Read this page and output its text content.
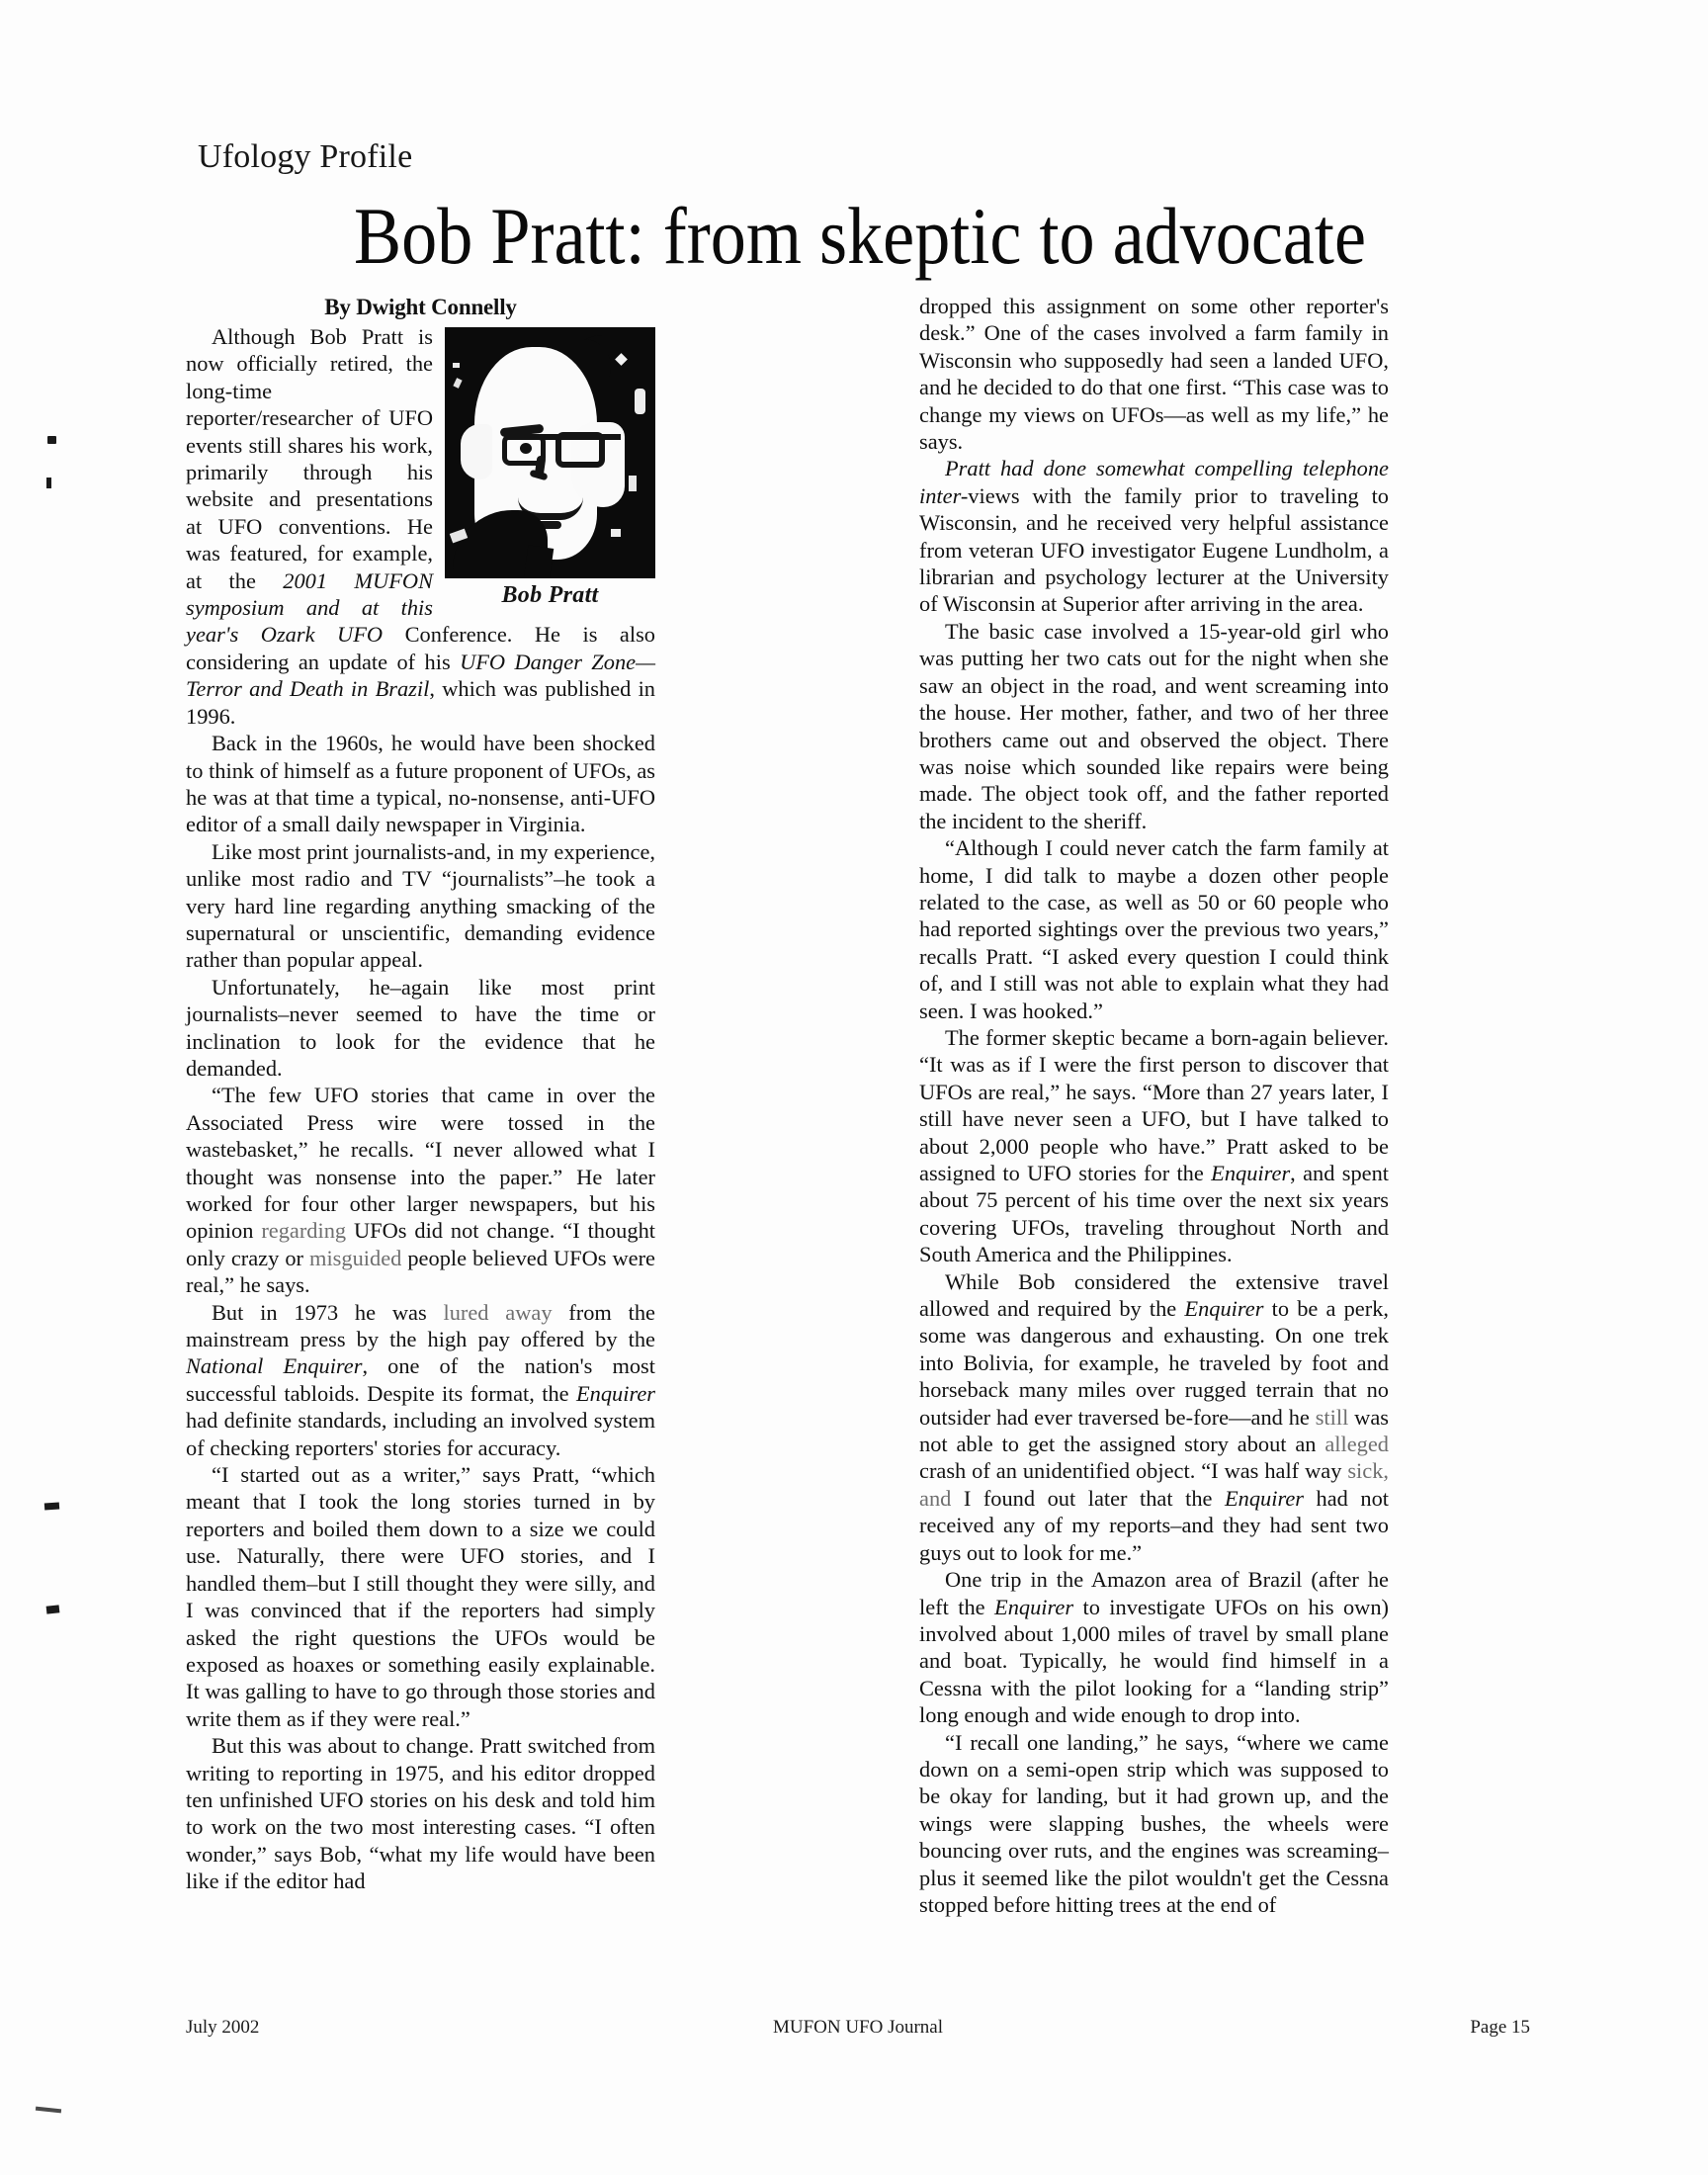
Ufology Profile
Bob Pratt: from skeptic to advocate
By Dwight Connelly
Bob Pratt

Although Bob Pratt is now officially retired, the long-time reporter/researcher of UFO events still shares his work, primarily through his website and presentations at UFO conventions. He was featured, for example, at the 2001 MUFON symposium and at this year's Ozark UFO Conference. He is also considering an update of his UFO Danger Zone—Terror and Death in Brazil, which was published in 1996.

Back in the 1960s, he would have been shocked to think of himself as a future proponent of UFOs, as he was at that time a typical, no-nonsense, anti-UFO editor of a small daily newspaper in Virginia.

Like most print journalists-and, in my experience, unlike most radio and TV “journalists”–he took a very hard line regarding anything smacking of the supernatural or unscientific, demanding evidence rather than popular appeal.

Unfortunately, he–again like most print journalists–never seemed to have the time or inclination to look for the evidence that he demanded.

“The few UFO stories that came in over the Associated Press wire were tossed in the wastebasket,” he recalls. “I never allowed what I thought was nonsense into the paper.” He later worked for four other larger newspapers, but his opinion regarding UFOs did not change. “I thought only crazy or misguided people believed UFOs were real,” he says.

But in 1973 he was lured away from the mainstream press by the high pay offered by the National Enquirer, one of the nation's most successful tabloids. Despite its format, the Enquirer had definite standards, including an involved system of checking reporters' stories for accuracy.

“I started out as a writer,” says Pratt, “which meant that I took the long stories turned in by reporters and boiled them down to a size we could use. Naturally, there were UFO stories, and I handled them–but I still thought they were silly, and I was convinced that if the reporters had simply asked the right questions the UFOs would be exposed as hoaxes or something easily explainable. It was galling to have to go through those stories and write them as if they were real.”

But this was about to change. Pratt switched from writing to reporting in 1975, and his editor dropped ten unfinished UFO stories on his desk and told him to work on the two most interesting cases. “I often wonder,” says Bob, “what my life would have been like if the editor had

dropped this assignment on some other reporter's desk.” One of the cases involved a farm family in Wisconsin who supposedly had seen a landed UFO, and he decided to do that one first. “This case was to change my views on UFOs—as well as my life,” he says.

Pratt had done somewhat compelling telephone inter-views with the family prior to traveling to Wisconsin, and he received very helpful assistance from veteran UFO investigator Eugene Lundholm, a librarian and psychology lecturer at the University of Wisconsin at Superior after arriving in the area.

The basic case involved a 15-year-old girl who was putting her two cats out for the night when she saw an object in the road, and went screaming into the house. Her mother, father, and two of her three brothers came out and observed the object. There was noise which sounded like repairs were being made. The object took off, and the father reported the incident to the sheriff.

“Although I could never catch the farm family at home, I did talk to maybe a dozen other people related to the case, as well as 50 or 60 people who had reported sightings over the previous two years,” recalls Pratt. “I asked every question I could think of, and I still was not able to explain what they had seen. I was hooked.”

The former skeptic became a born-again believer. “It was as if I were the first person to discover that UFOs are real,” he says. “More than 27 years later, I still have never seen a UFO, but I have talked to about 2,000 people who have.” Pratt asked to be assigned to UFO stories for the Enquirer, and spent about 75 percent of his time over the next six years covering UFOs, traveling throughout North and South America and the Philippines.

While Bob considered the extensive travel allowed and required by the Enquirer to be a perk, some was dangerous and exhausting. On one trek into Bolivia, for example, he traveled by foot and horseback many miles over rugged terrain that no outsider had ever traversed be-fore—and he still was not able to get the assigned story about an alleged crash of an unidentified object. “I was half way sick, and I found out later that the Enquirer had not received any of my reports–and they had sent two guys out to look for me.”

One trip in the Amazon area of Brazil (after he left the Enquirer to investigate UFOs on his own) involved about 1,000 miles of travel by small plane and boat. Typically, he would find himself in a Cessna with the pilot looking for a “landing strip” long enough and wide enough to drop into.

“I recall one landing,” he says, “where we came down on a semi-open strip which was supposed to be okay for landing, but it had grown up, and the wings were slapping bushes, the wheels were bouncing over ruts, and the engines was screaming–plus it seemed like the pilot wouldn't get the Cessna stopped before hitting trees at the end of

July 2002	MUFON UFO Journal	Page 15
